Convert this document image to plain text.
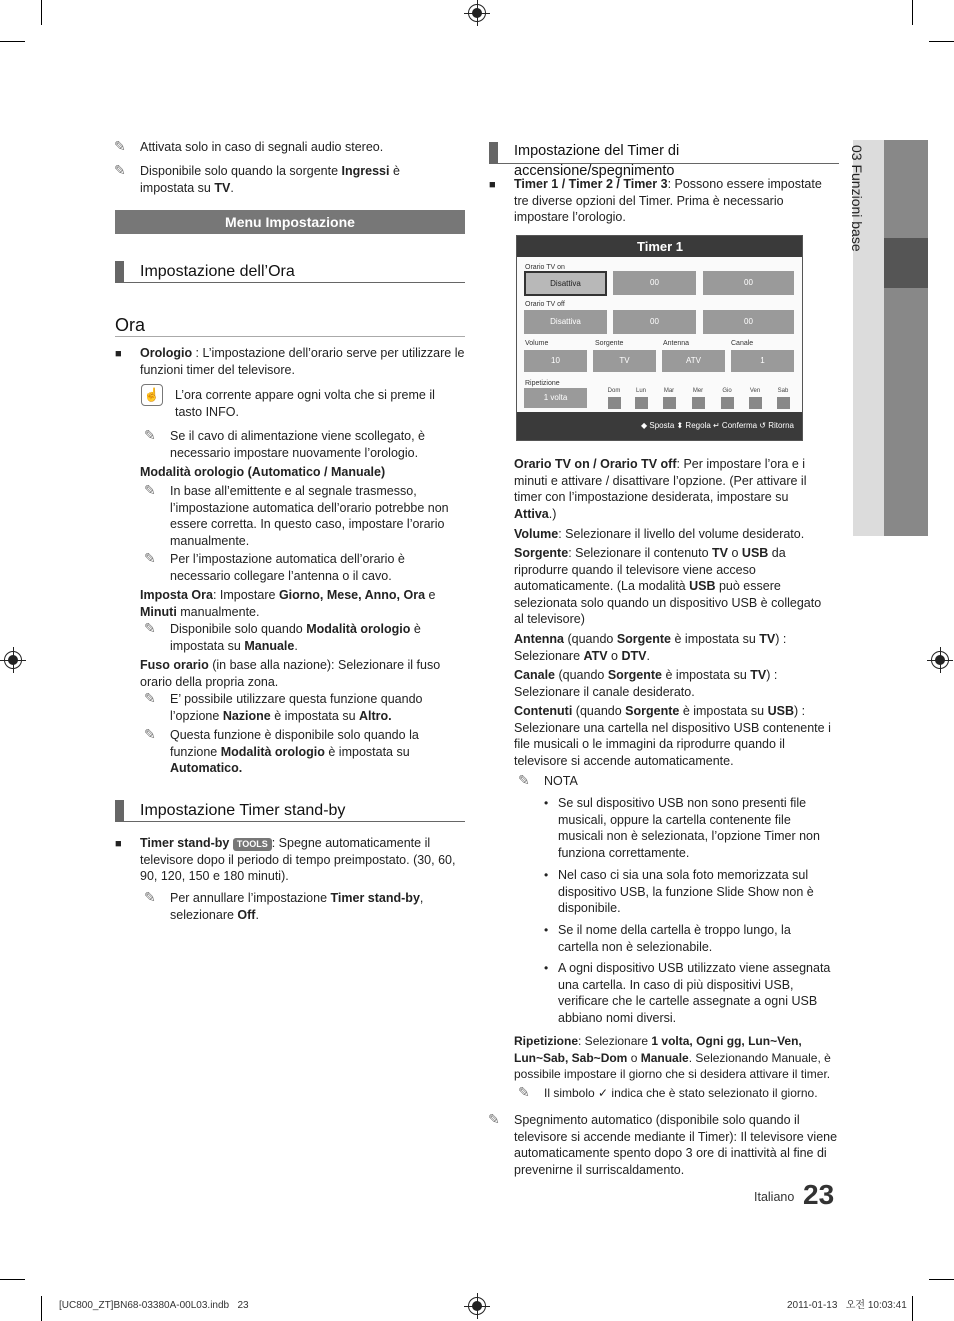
03 Funzioni base
✎ Attivata solo in caso di segnali audio stereo.
✎ Disponibile solo quando la sorgente Ingressi è impostata su TV.
Menu Impostazione
Impostazione dell’Ora
Ora
■ Orologio : L’impostazione dell’orario serve per utilizzare le funzioni timer del televisore.
☝ L’ora corrente appare ogni volta che si preme il tasto INFO.
✎ Se il cavo di alimentazione viene scollegato, è necessario impostare nuovamente l’orologio.
Modalità orologio (Automatico / Manuale)
✎ In base all’emittente e al segnale trasmesso, l’impostazione automatica dell’orario potrebbe non essere corretta. In questo caso, impostare l’orario manualmente.
✎ Per l’impostazione automatica dell’orario è necessario collegare l’antenna o il cavo.
Imposta Ora: Impostare Giorno, Mese, Anno, Ora e Minuti manualmente.
✎ Disponibile solo quando Modalità orologio è impostata su Manuale.
Fuso orario (in base alla nazione): Selezionare il fuso orario della propria zona.
✎ E’ possibile utilizzare questa funzione quando l’opzione Nazione è impostata su Altro.
✎ Questa funzione è disponibile solo quando la funzione Modalità orologio è impostata su Automatico.
Impostazione Timer stand-by
■ Timer stand-by TOOLS : Spegne automaticamente il televisore dopo il periodo di tempo preimpostato. (30, 60, 90, 120, 150 e 180 minuti).
✎ Per annullare l’impostazione Timer stand-by, selezionare Off.
Impostazione del Timer di accensione/spegnimento
■ Timer 1 / Timer 2 / Timer 3: Possono essere impostate tre diverse opzioni del Timer. Prima è necessario impostare l’orologio.
Timer 1
Orario TV on
Disattiva	00	00
Orario TV off
Disattiva	00	00
Volume	Sorgente	Antenna	Canale
10	TV	ATV	1
Ripetizione
1 volta
Dom	Lun	Mar	Mer	Gio	Ven	Sab
◆ Sposta ⬍ Regola ↵ Conferma ↺ Ritorna
Orario TV on / Orario TV off: Per impostare l’ora e i minuti e attivare / disattivare l’opzione. (Per attivare il timer con l’impostazione desiderata, impostare su Attiva.)
Volume: Selezionare il livello del volume desiderato.
Sorgente: Selezionare il contenuto TV o USB da riprodurre quando il televisore viene acceso automaticamente. (La modalità USB può essere selezionata solo quando un dispositivo USB è collegato al televisore)
Antenna (quando Sorgente è impostata su TV) : Selezionare ATV o DTV.
Canale (quando Sorgente è impostata su TV) : Selezionare il canale desiderato.
Contenuti (quando Sorgente è impostata su USB) : Selezionare una cartella nel dispositivo USB contenente i file musicali o le immagini da riprodurre quando il televisore si accende automaticamente.
✎ NOTA
• Se sul dispositivo USB non sono presenti file musicali, oppure la cartella contenente file musicali non è selezionata, l’opzione Timer non funziona correttamente.
• Nel caso ci sia una sola foto memorizzata sul dispositivo USB, la funzione Slide Show non è disponibile.
• Se il nome della cartella è troppo lungo, la cartella non è selezionabile.
• A ogni dispositivo USB utilizzato viene assegnata una cartella. In caso di più dispositivi USB, verificare che le cartelle assegnate a ogni USB abbiano nomi diversi.
Ripetizione: Selezionare 1 volta, Ogni gg, Lun~Ven, Lun~Sab, Sab~Dom o Manuale. Selezionando Manuale, è possibile impostare il giorno che si desidera attivare il timer.
✎ Il simbolo ✓ indica che è stato selezionato il giorno.
✎ Spegnimento automatico (disponibile solo quando il televisore si accende mediante il Timer): Il televisore viene automaticamente spento dopo 3 ore di inattività al fine di prevenirne il surriscaldamento.
Italiano 23
[UC800_ZT]BN68-03380A-00L03.indb   23	2011-01-13   오전 10:03:41
